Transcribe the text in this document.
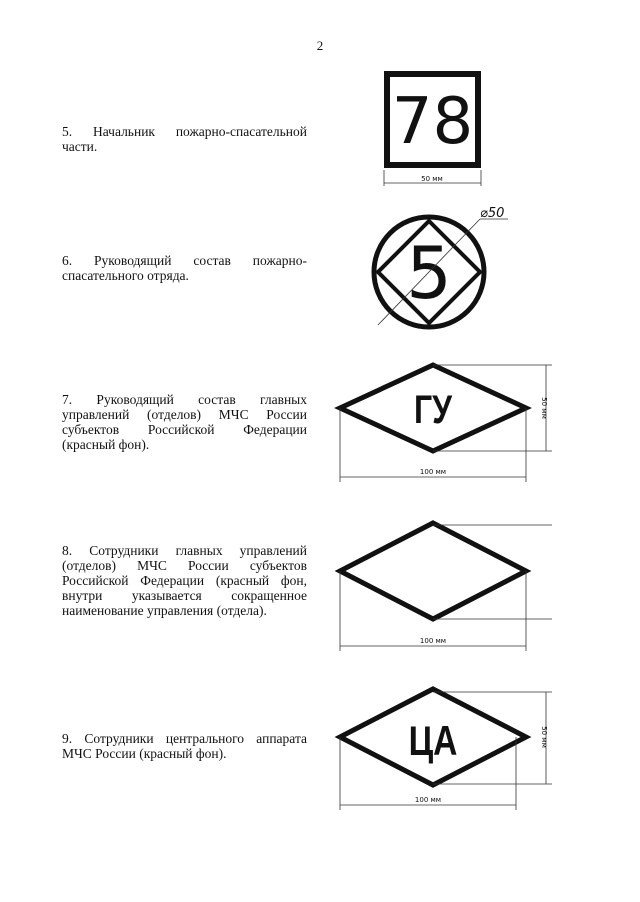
2

5. Начальник пожарно-спасательной части.

6. Руководящий состав пожарно-спасательного отряда.

7. Руководящий состав главных управлений (отделов) МЧС России субъектов Российской Федерации (красный фон).

8. Сотрудники главных управлений (отделов) МЧС России субъектов Российской Федерации (красный фон, внутри указывается сокращенное наименование управления (отдела).

9. Сотрудники центрального аппарата МЧС России (красный фон).

78
50 мм
5
⌀50
ГУ	50 мм
100 мм
100 мм
ЦА	50 мм
100 мм
